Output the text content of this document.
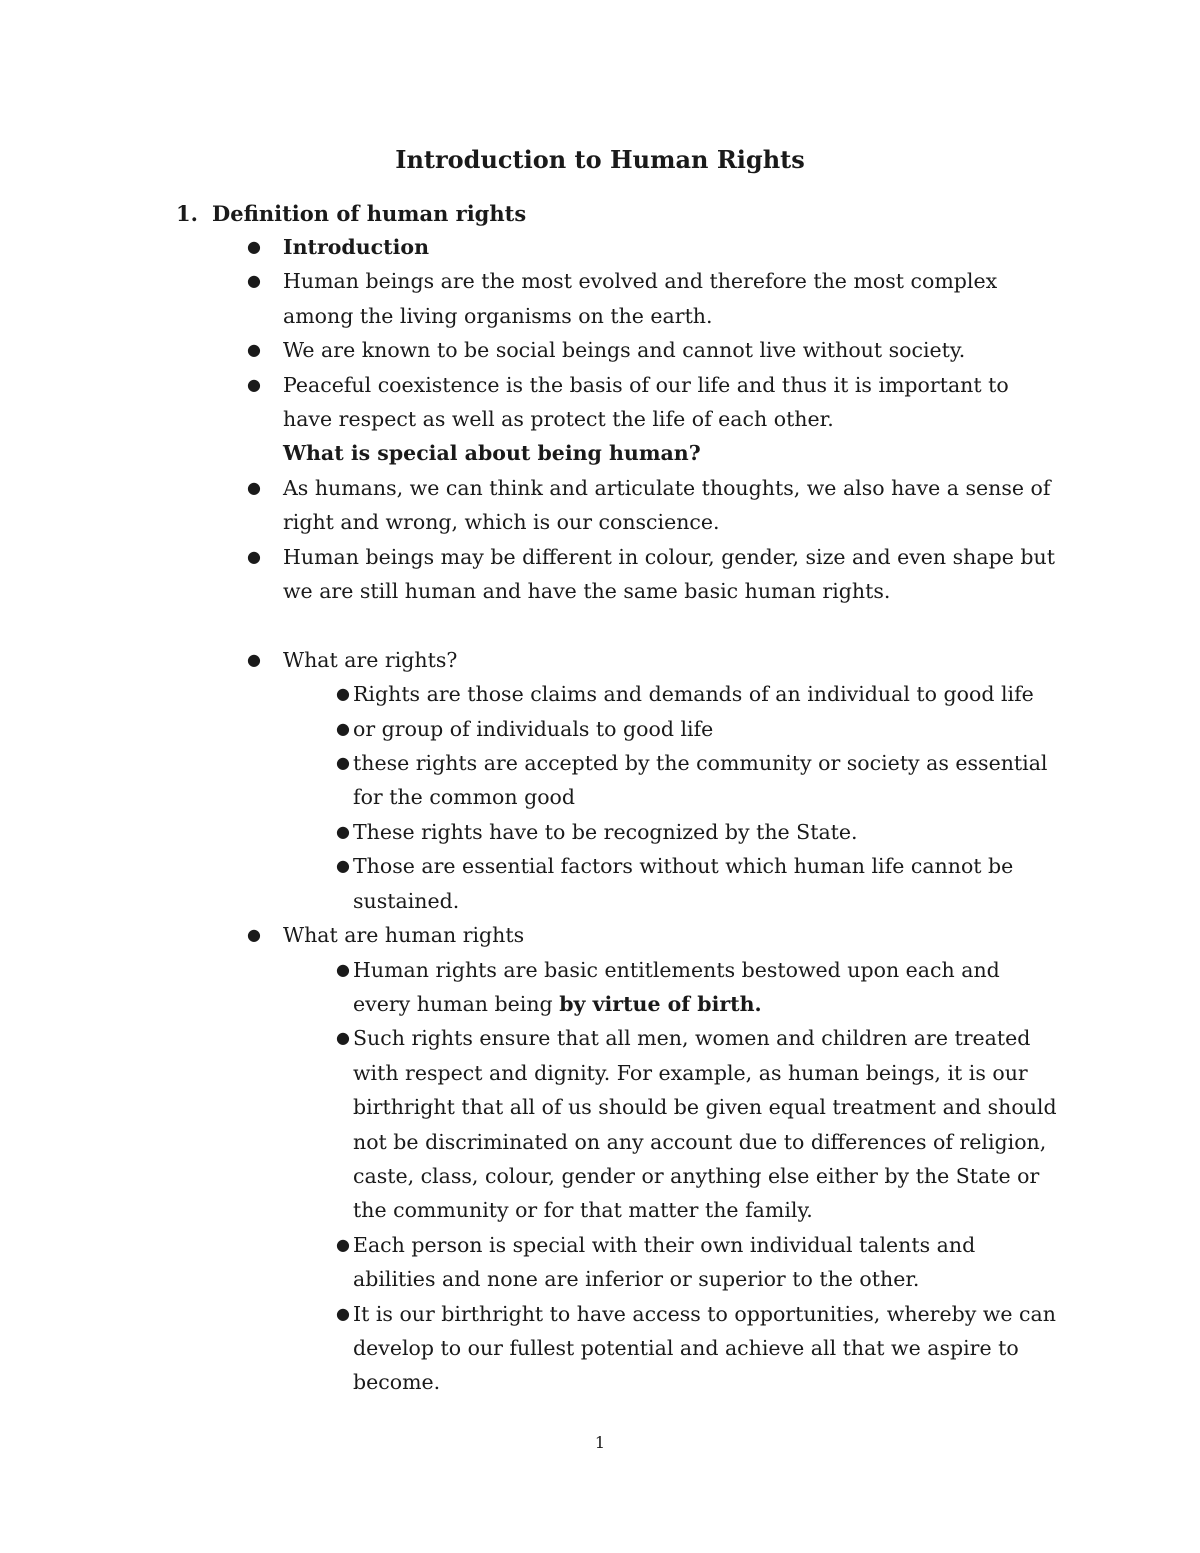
Introduction to Human Rights
1. Definition of human rights

● Introduction

● Human beings are the most evolved and therefore the most complex among the living organisms on the earth.

● We are known to be social beings and cannot live without society.

● Peaceful coexistence is the basis of our life and thus it is important to have respect as well as protect the life of each other.

What is special about being human?

● As humans, we can think and articulate thoughts, we also have a sense of right and wrong, which is our conscience.

● Human beings may be different in colour, gender, size and even shape but we are still human and have the same basic human rights.

● What are rights?

● Rights are those claims and demands of an individual to good life

● or group of individuals to good life

● these rights are accepted by the community or society as essential for the common good

● These rights have to be recognized by the State.

● Those are essential factors without which human life cannot be sustained.

● What are human rights

● Human rights are basic entitlements bestowed upon each and every human being by virtue of birth.

● Such rights ensure that all men, women and children are treated with respect and dignity. For example, as human beings, it is our birthright that all of us should be given equal treatment and should not be discriminated on any account due to differences of religion, caste, class, colour, gender or anything else either by the State or the community or for that matter the family.

● Each person is special with their own individual talents and abilities and none are inferior or superior to the other.

● It is our birthright to have access to opportunities, whereby we can develop to our fullest potential and achieve all that we aspire to become.

1
